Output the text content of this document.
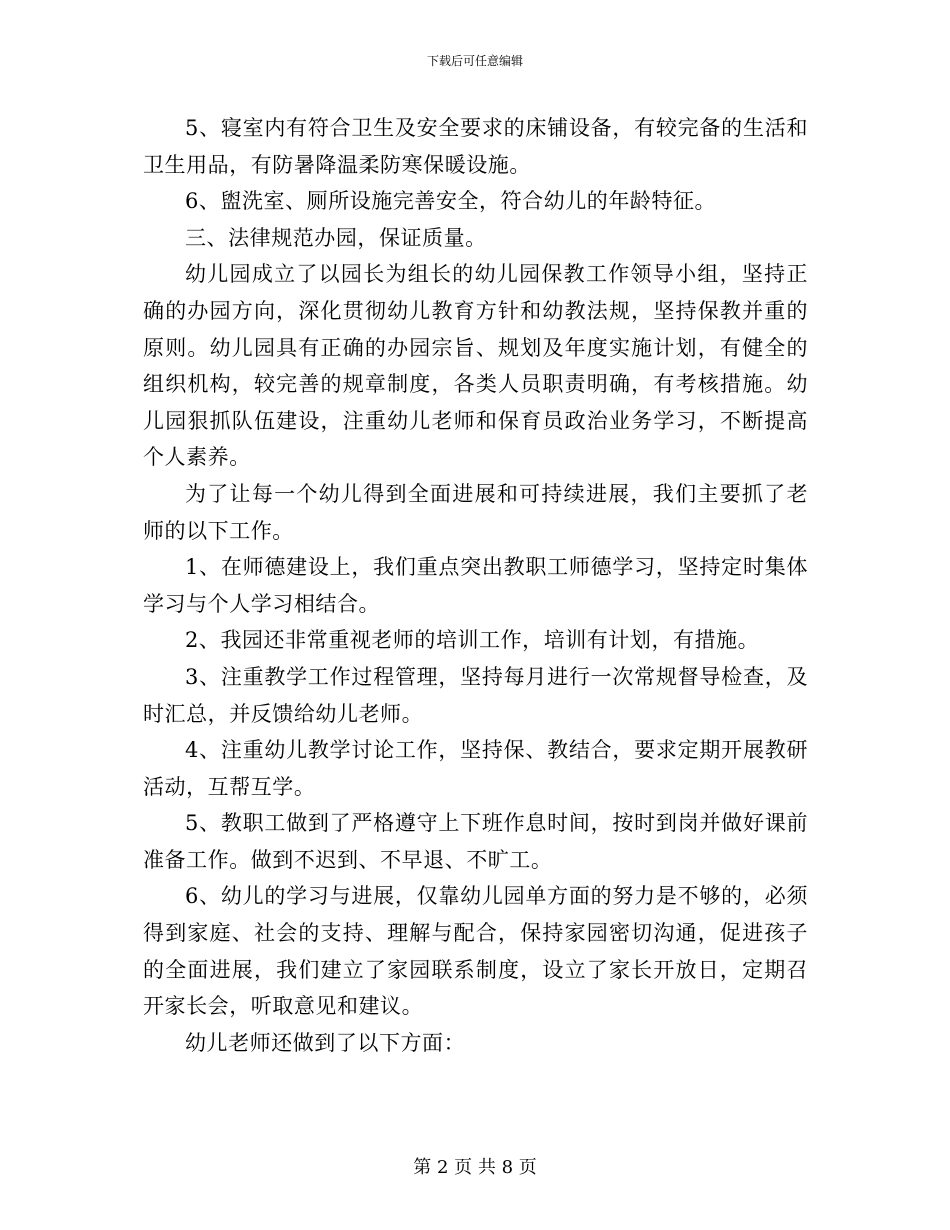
下载后可任意编辑

5、寝室内有符合卫生及安全要求的床铺设备，有较完备的生活和卫生用品，有防暑降温柔防寒保暖设施。

6、盥洗室、厕所设施完善安全，符合幼儿的年龄特征。

三、法律规范办园，保证质量。

幼儿园成立了以园长为组长的幼儿园保教工作领导小组，坚持正确的办园方向，深化贯彻幼儿教育方针和幼教法规，坚持保教并重的原则。幼儿园具有正确的办园宗旨、规划及年度实施计划，有健全的组织机构，较完善的规章制度，各类人员职责明确，有考核措施。幼儿园狠抓队伍建设，注重幼儿老师和保育员政治业务学习，不断提高个人素养。

为了让每一个幼儿得到全面进展和可持续进展，我们主要抓了老师的以下工作。

1、在师德建设上，我们重点突出教职工师德学习，坚持定时集体学习与个人学习相结合。

2、我园还非常重视老师的培训工作，培训有计划，有措施。

3、注重教学工作过程管理，坚持每月进行一次常规督导检查，及时汇总，并反馈给幼儿老师。

4、注重幼儿教学讨论工作，坚持保、教结合，要求定期开展教研活动，互帮互学。

5、教职工做到了严格遵守上下班作息时间，按时到岗并做好课前准备工作。做到不迟到、不早退、不旷工。

6、幼儿的学习与进展，仅靠幼儿园单方面的努力是不够的，必须得到家庭、社会的支持、理解与配合，保持家园密切沟通，促进孩子的全面进展，我们建立了家园联系制度，设立了家长开放日，定期召开家长会，听取意见和建议。

幼儿老师还做到了以下方面：

第 2 页 共 8 页
